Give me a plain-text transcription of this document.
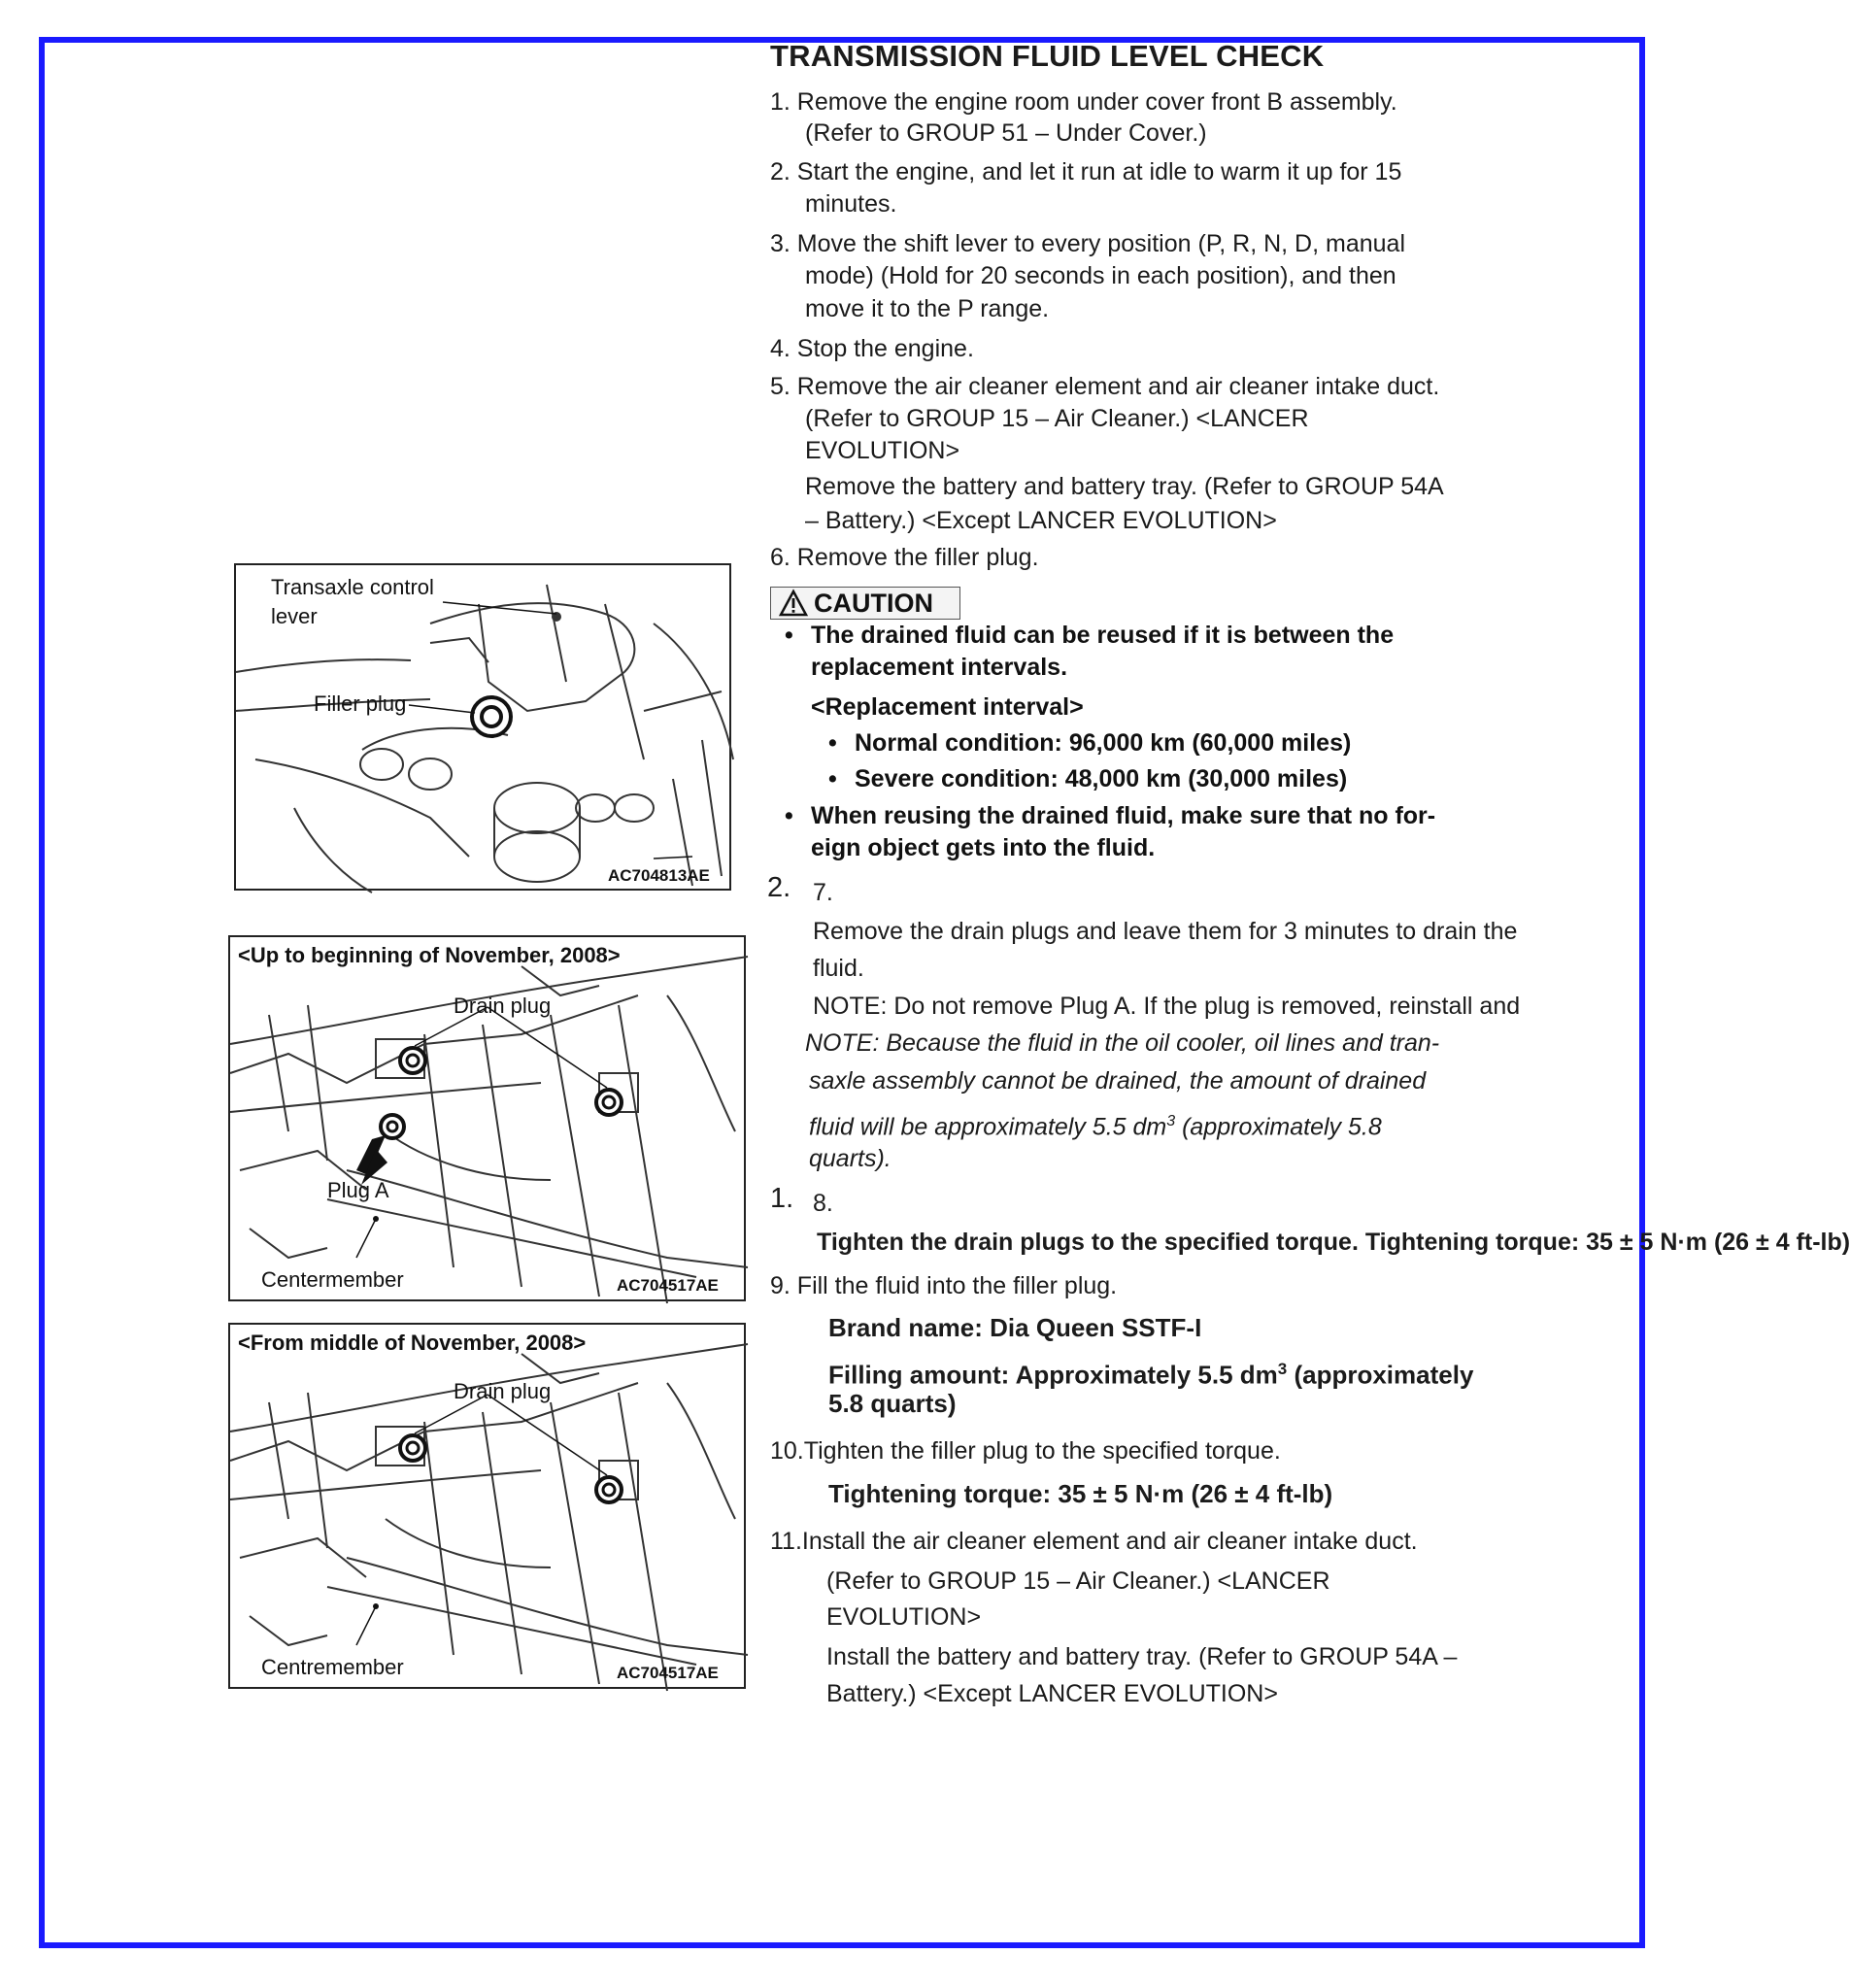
TRANSMISSION FLUID LEVEL CHECK
1. Remove the engine room under cover front B assembly.
(Refer to GROUP 51 – Under Cover.)
2. Start the engine, and let it run at idle to warm it up for 15
minutes.
3. Move the shift lever to every position (P, R, N, D, manual
mode) (Hold for 20 seconds in each position), and then
move it to the P range.
4. Stop the engine.
5. Remove the air cleaner element and air cleaner intake duct.
(Refer to GROUP 15 – Air Cleaner.) <LANCER
EVOLUTION>
Remove the battery and battery tray. (Refer to GROUP 54A
– Battery.) <Except LANCER EVOLUTION>
6. Remove the filler plug.
CAUTION
• The drained fluid can be reused if it is between the
replacement intervals.
<Replacement interval>
• Normal condition: 96,000 km (60,000 miles)
• Severe condition: 48,000 km (30,000 miles)
• When reusing the drained fluid, make sure that no for-
eign object gets into the fluid.
2. 7.
Remove the drain plugs and leave them for 3 minutes to drain the
fluid.
NOTE: Do not remove Plug A. If the plug is removed, reinstall and
NOTE: Because the fluid in the oil cooler, oil lines and tran-
saxle assembly cannot be drained, the amount of drained
fluid will be approximately 5.5 $dm^3$ (approximately 5.8
quarts).
1. 8.
Tighten the drain plugs to the specified torque. Tightening torque: 35 ± 5 N·m (26 ± 4 ft-lb)
9. Fill the fluid into the filler plug.
Brand name: Dia Queen SSTF-I
Filling amount: Approximately 5.5 $dm^3$ (approximately
5.8 quarts)
10.Tighten the filler plug to the specified torque.
Tightening torque: 35 ± 5 N·m (26 ± 4 ft-lb)
11.Install the air cleaner element and air cleaner intake duct.
(Refer to GROUP 15 – Air Cleaner.) <LANCER
EVOLUTION>
Install the battery and battery tray. (Refer to GROUP 54A –
Battery.) <Except LANCER EVOLUTION>
Transaxle control
lever
Filler plug
AC704813AE
<Up to beginning of November, 2008>
Drain plug
Plug A
Centermember	AC704517AE
<From middle of November, 2008>
Drain plug
Centremember	AC704517AE
